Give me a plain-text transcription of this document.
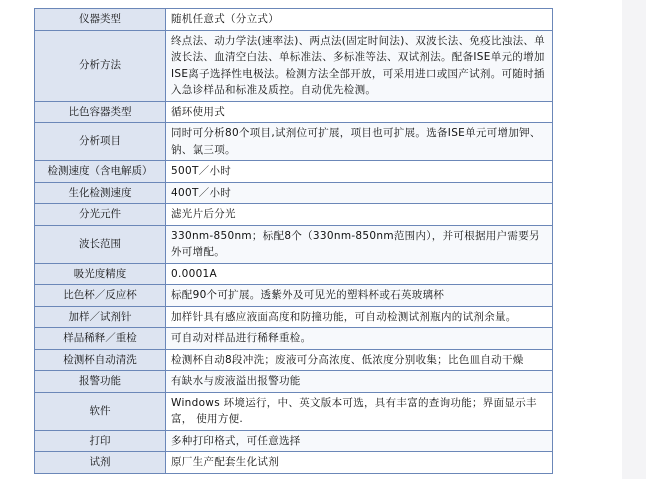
仪器类型	随机任意式（分立式）
分析方法	终点法、动力学法(速率法)、两点法(固定时间法)、双波长法、免疫比浊法、单波长法、血清空白法、单标准法、多标准等法、双试剂法。配备ISE单元的增加ISE离子选择性电极法。检测方法全部开放，可采用进口或国产试剂。可随时插入急诊样品和标准及质控。自动优先检测。
比色容器类型	循环使用式
分析项目	同时可分析80个项目,试剂位可扩展，项目也可扩展。选备ISE单元可增加钾、钠、氯三项。
检测速度（含电解质）	500T／小时
生化检测速度	400T／小时
分光元件	滤光片后分光
波长范围	330nm-850nm；标配8个（330nm-850nm范围内），并可根据用户需要另外可增配。
吸光度精度	0.0001A
比色杯／反应杯	标配90个可扩展。透紫外及可见光的塑料杯或石英玻璃杯
加样／试剂针	加样针具有感应液面高度和防撞功能，可自动检测试剂瓶内的试剂余量。
样品稀释／重检	可自动对样品进行稀释重检。
检测杯自动清洗	检测杯自动8段冲洗；废液可分高浓度、低浓度分别收集；比色皿自动干燥
报警功能	有缺水与废液溢出报警功能
软件	Windows 环境运行，中、英文版本可选，具有丰富的查询功能；界面显示丰富， 使用方便.
打印	多种打印格式，可任意选择
试剂	原厂生产配套生化试剂
